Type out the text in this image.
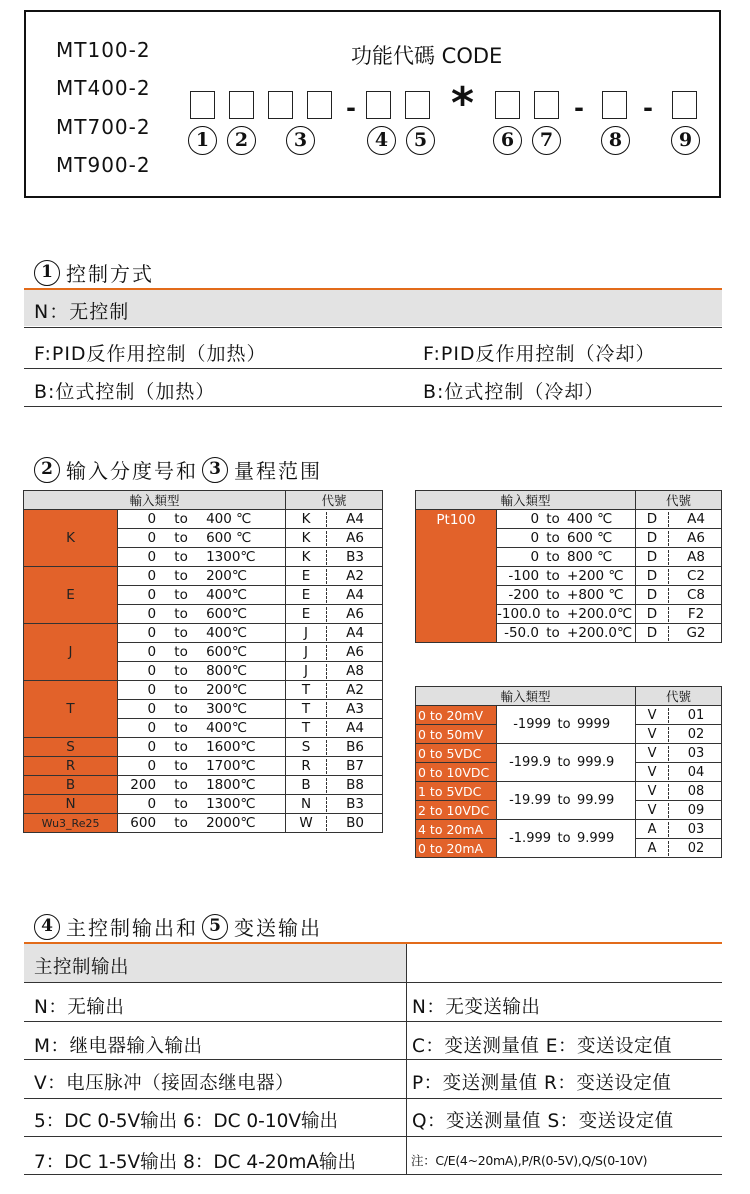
MT100-2
MT400-2
MT700-2
MT900-2
功能代碼 CODE
- *	- -
1	2	3	4	5	6	7	8	9
1 控制方式
N：无控制
F:PID反作用控制（加热）	F:PID反作用控制（冷却）
B:位式控制（加热）	B:位式控制（冷却）
2 输入分度号和 3 量程范围
輸入類型		代號
K	0 to 400 ℃	K A4

	0 to 600 ℃	K A6

	0 to 1300℃	K B3

E	0 to 200℃	E A2

	0 to 400℃	E A4

	0 to 600℃	E A6

J	0 to 400℃	J A4

	0 to 600℃	J A6

	0 to 800℃	J A8

T	0 to 200℃	T A2

	0 to 300℃	T A3

	0 to 400℃	T A4

S	0 to 1600℃	S B6

R	0 to 1700℃	R B7

B	200 to 1800℃	B B8

N	0 to 1300℃	N B3

Wu3_Re25	600 to 2000℃	W B0
輸入類型		代號
Pt100	0 to 400 ℃	D A4

	0 to 600 ℃	D A6

	0 to 800 ℃	D A8

	-100 to +200 ℃	D C2

	-200 to +800 ℃	D C8

	-100.0 to +200.0℃	D F2

	-50.0 to +200.0℃	D G2
輸入類型		代號
0 to 20mV	-1999 to 9999	V 01

0 to 50mV		V 02

0 to 5VDC	-199.9 to 999.9	V 03

0 to 10VDC		V 04

1 to 5VDC	-19.99 to 99.99	V 08

2 to 10VDC		V 09

4 to 20mA	-1.999 to 9.999	A 03

0 to 20mA		A 02
4 主控制输出和 5 变送输出
主控制输出
N：无输出	N：无变送输出
M：继电器输入输出	C：变送测量值 E：变送设定值
V：电压脉冲（接固态继电器）	P：变送测量值 R：变送设定值
5：DC 0-5V输出 6：DC 0-10V输出	Q：变送测量值 S：变送设定值
7：DC 1-5V输出 8：DC 4-20mA输出	注：C/E(4~20mA),P/R(0-5V),Q/S(0-10V)
